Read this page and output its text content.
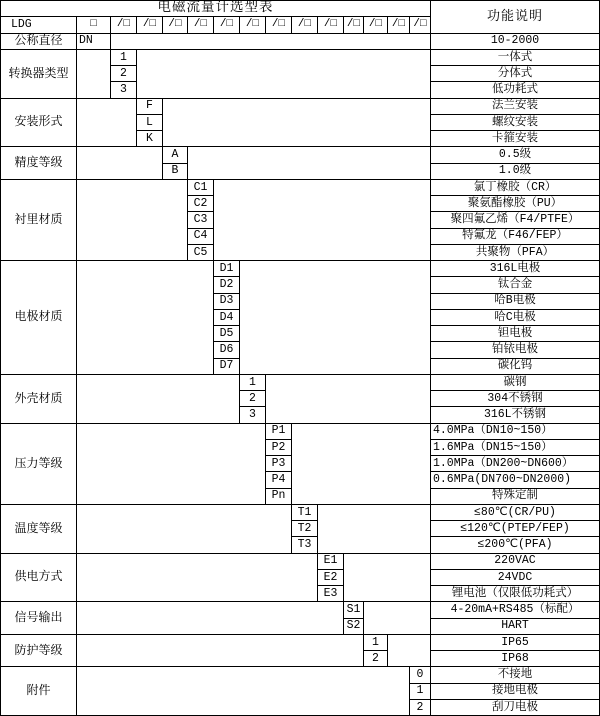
电磁流量计选型表
功能说明
LDG	□	/□	/□	/□	/□	/□	/□	/□	/□	/□ /□ /□ /□ /□
公称直径	DN	10-2000
转换器类型
1	一体式
2	分体式
3	低功耗式
安装形式
F	法兰安装
L	螺纹安装
K	卡箍安装
精度等级
A	0.5级
B	1.0级
衬里材质
C1	氯丁橡胶（CR）
C2	聚氨酯橡胶（PU）
C3	聚四氟乙烯（F4/PTFE）
C4	特氟龙（F46/FEP）
C5	共聚物（PFA）
电极材质
D1	316L电极
D2	钛合金
D3	哈B电极
D4	哈C电极
D5	钽电极
D6	铂铱电极
D7	碳化钨
外壳材质
1	碳钢
2	304不锈钢
3	316L不锈钢
压力等级
P1	4.0MPa（DN10~150）
P2	1.6MPa（DN15~150）
P3	1.0MPa（DN200~DN600）
P4	0.6MPa(DN700~DN2000)
Pn	特殊定制
温度等级
T1	≤80℃(CR/PU)
T2	≤120℃(PTEP/FEP)
T3	≤200℃(PFA)
供电方式
E1	220VAC
E2	24VDC
E3	锂电池（仅限低功耗式）
信号输出
S1	4-20mA+RS485（标配）
S2	HART
防护等级
1	IP65
2	IP68
附件
0	不接地
1	接地电极
2	刮刀电极
